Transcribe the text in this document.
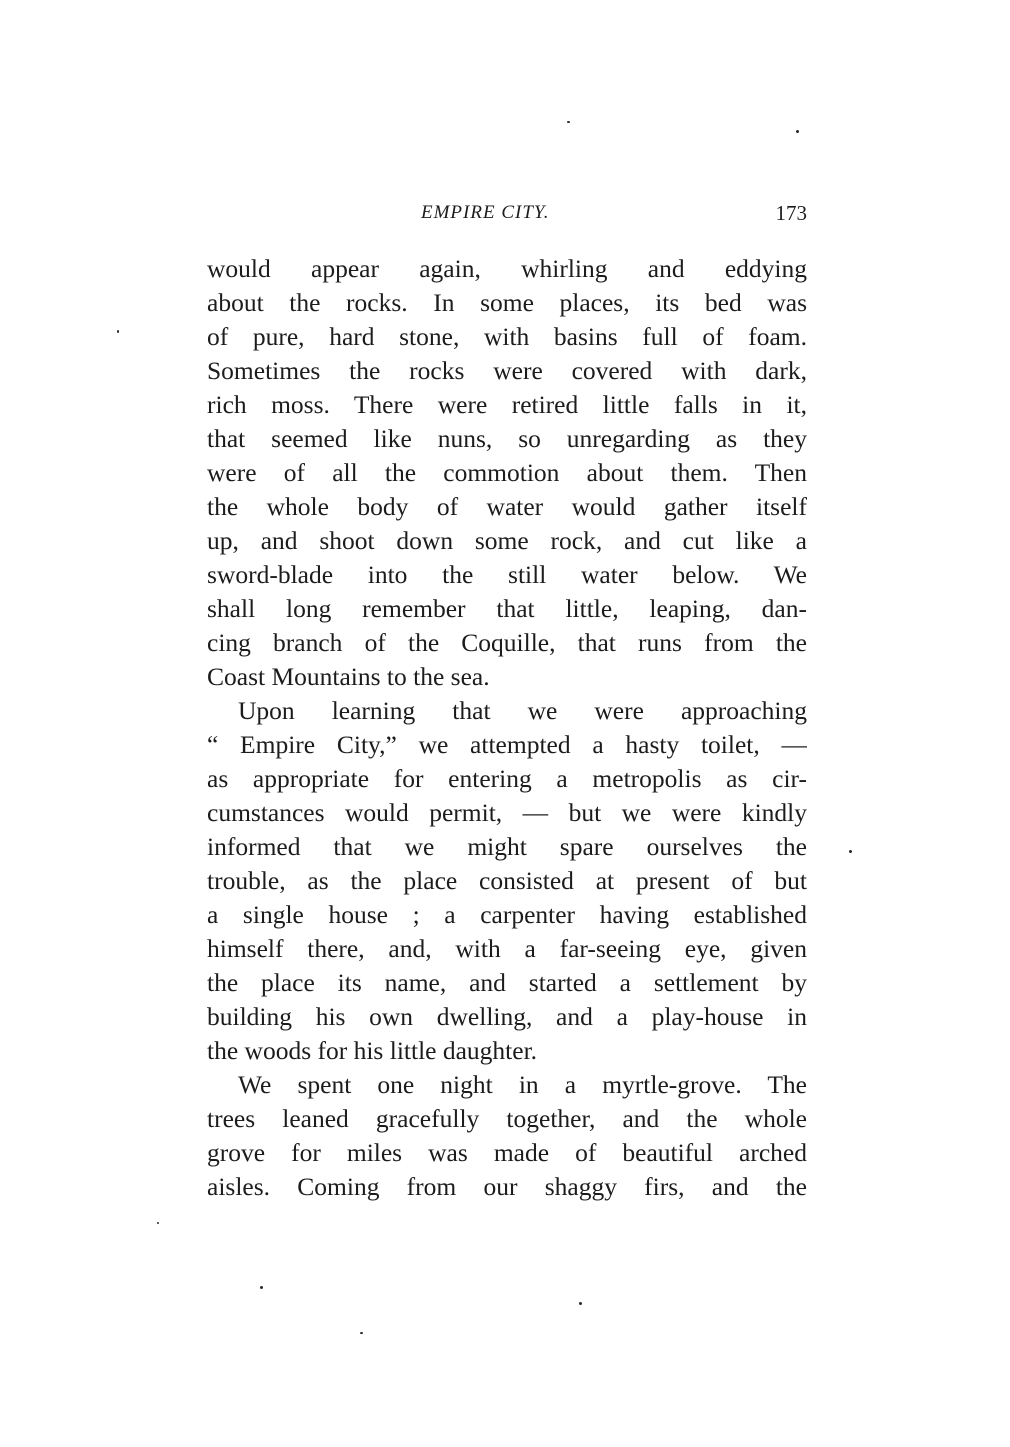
EMPIRE CITY.	173
would appear again, whirling and eddying
about the rocks. In some places, its bed was
of pure, hard stone, with basins full of foam.
Sometimes the rocks were covered with dark,
rich moss. There were retired little falls in it,
that seemed like nuns, so unregarding as they
were of all the commotion about them. Then
the whole body of water would gather itself
up, and shoot down some rock, and cut like a
sword-blade into the still water below. We
shall long remember that little, leaping, dan-
cing branch of the Coquille, that runs from the
Coast Mountains to the sea.
Upon learning that we were approaching
“ Empire City,” we attempted a hasty toilet, —
as appropriate for entering a metropolis as cir-
cumstances would permit, — but we were kindly
informed that we might spare ourselves the
trouble, as the place consisted at present of but
a single house ; a carpenter having established
himself there, and, with a far-seeing eye, given
the place its name, and started a settlement by
building his own dwelling, and a play-house in
the woods for his little daughter.
We spent one night in a myrtle-grove. The
trees leaned gracefully together, and the whole
grove for miles was made of beautiful arched
aisles. Coming from our shaggy firs, and the
